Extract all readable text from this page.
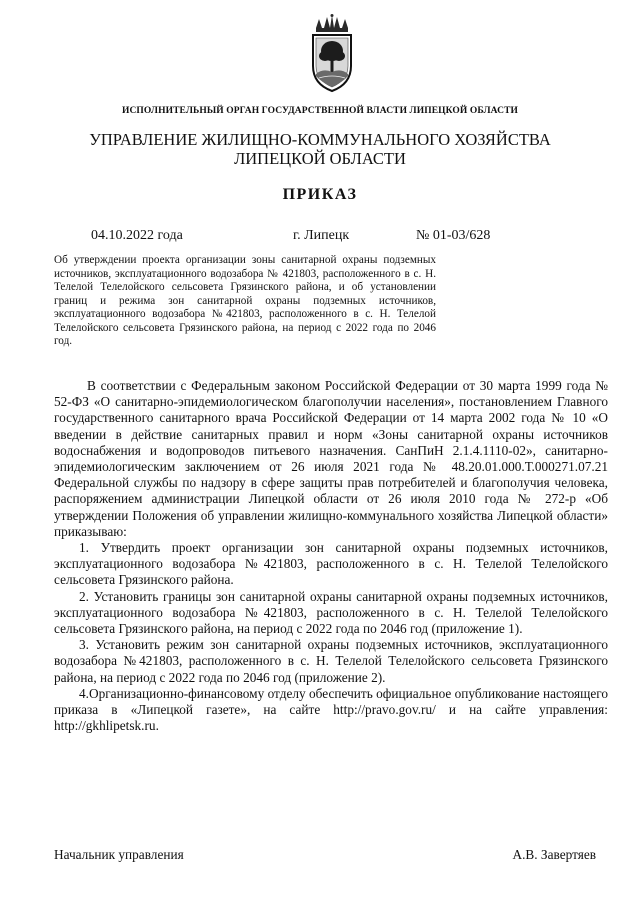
ИСПОЛНИТЕЛЬНЫЙ ОРГАН ГОСУДАРСТВЕННОЙ ВЛАСТИ ЛИПЕЦКОЙ ОБЛАСТИ
УПРАВЛЕНИЕ ЖИЛИЩНО-КОММУНАЛЬНОГО ХОЗЯЙСТВА
ЛИПЕЦКОЙ ОБЛАСТИ
ПРИКАЗ
04.10.2022 года	г. Липецк	№ 01-03/628

Об утверждении проекта организации зоны санитарной охраны подземных источников, эксплуатационного водозабора № 421803, расположенного в с. Н. Телелой Телелойского сельсовета Грязинского района, и об установлении границ и режима зон санитарной охраны подземных источников, эксплуатационного водозабора №421803, расположенного в с. Н. Телелой Телелойского сельсовета Грязинского района, на период с 2022 года по 2046 год.

В соответствии с Федеральным законом Российской Федерации от 30 марта 1999 года № 52-ФЗ «О санитарно-эпидемиологическом благополучии населения», постановлением Главного государственного санитарного врача Российской Федерации от 14 марта 2002 года № 10 «О введении в действие санитарных правил и норм «Зоны санитарной охраны источников водоснабжения и водопроводов питьевого назначения. СанПиН 2.1.4.1110-02», санитарно-эпидемиологическим заключением от 26 июля 2021 года № 48.20.01.000.Т.000271.07.21 Федеральной службы по надзору в сфере защиты прав потребителей и благополучия человека, распоряжением администрации Липецкой области от 26 июля 2010 года № 272-р «Об утверждении Положения об управлении жилищно-коммунального хозяйства Липецкой области» приказываю:

1. Утвердить проект организации зон санитарной охраны подземных источников, эксплуатационного водозабора №421803, расположенного в с. Н. Телелой Телелойского сельсовета Грязинского района.

2. Установить границы зон санитарной охраны санитарной охраны подземных источников, эксплуатационного водозабора №421803, расположенного в с. Н. Телелой Телелойского сельсовета Грязинского района, на период с 2022 года по 2046 год (приложение 1).

3. Установить режим зон санитарной охраны подземных источников, эксплуатационного водозабора №421803, расположенного в с. Н. Телелой Телелойского сельсовета Грязинского района, на период с 2022 года по 2046 год (приложение 2).

4.Организационно-финансовому отделу обеспечить официальное опубликование настоящего приказа в «Липецкой газете», на сайте http://pravo.gov.ru/ и на сайте управления: http://gkhlipetsk.ru.

Начальник управления	А.В. Завертяев
